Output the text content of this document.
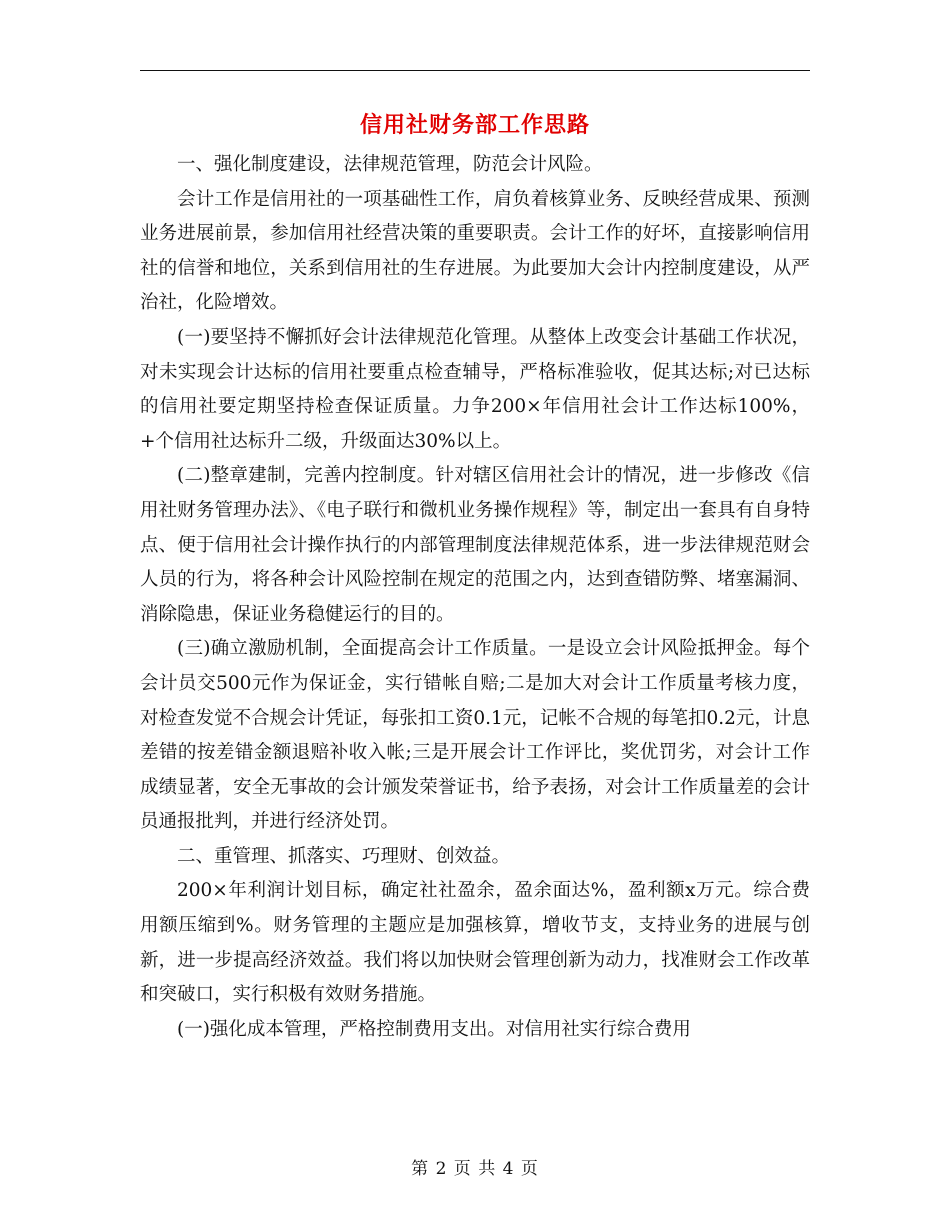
信用社财务部工作思路

一、强化制度建设，法律规范管理，防范会计风险。

会计工作是信用社的一项基础性工作，肩负着核算业务、反映经营成果、预测业务进展前景，参加信用社经营决策的重要职责。会计工作的好坏，直接影响信用社的信誉和地位，关系到信用社的生存进展。为此要加大会计内控制度建设，从严治社，化险增效。

(一)要坚持不懈抓好会计法律规范化管理。从整体上改变会计基础工作状况，对未实现会计达标的信用社要重点检查辅导，严格标准验收，促其达标;对已达标的信用社要定期坚持检查保证质量。力争200×年信用社会计工作达标100%，+个信用社达标升二级，升级面达30%以上。

(二)整章建制，完善内控制度。针对辖区信用社会计的情况，进一步修改《信用社财务管理办法》、《电子联行和微机业务操作规程》等，制定出一套具有自身特点、便于信用社会计操作执行的内部管理制度法律规范体系，进一步法律规范财会人员的行为，将各种会计风险控制在规定的范围之内，达到查错防弊、堵塞漏洞、消除隐患，保证业务稳健运行的目的。

(三)确立激励机制，全面提高会计工作质量。一是设立会计风险抵押金。每个会计员交500元作为保证金，实行错帐自赔;二是加大对会计工作质量考核力度，对检查发觉不合规会计凭证，每张扣工资0.1元，记帐不合规的每笔扣0.2元，计息差错的按差错金额退赔补收入帐;三是开展会计工作评比，奖优罚劣，对会计工作成绩显著，安全无事故的会计颁发荣誉证书，给予表扬，对会计工作质量差的会计员通报批判，并进行经济处罚。

二、重管理、抓落实、巧理财、创效益。

200×年利润计划目标，确定社社盈余，盈余面达%，盈利额x万元。综合费用额压缩到%。财务管理的主题应是加强核算，增收节支，支持业务的进展与创新，进一步提高经济效益。我们将以加快财会管理创新为动力，找准财会工作改革和突破口，实行积极有效财务措施。

(一)强化成本管理，严格控制费用支出。对信用社实行综合费用

第 2 页 共 4 页
